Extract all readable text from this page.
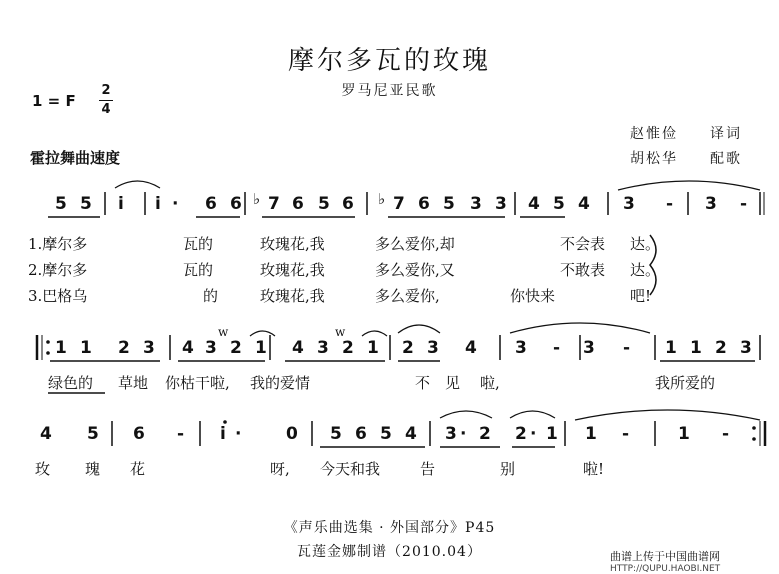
摩尔多瓦的玫瑰
罗马尼亚民歌
1 = F
2
4
霍拉舞曲速度
赵惟俭 译词
胡松华 配歌
5 5 i i · 6 6 7 6 5 6 7 6 5 3 3 4 5 4 3 - 3 -
1.摩尔多	瓦的	玫瑰花,我	多么爱你,却	不会表 达。
2.摩尔多	瓦的	玫瑰花,我	多么爱你,又	不敢表 达。
3.巴格乌	的	玫瑰花,我	多么爱你,	你快来	吧!
1 1 2 3 4 3 2 1 4 3 2 1 2 3 4 3 - 3 - 1 1 2 3
绿色的 草地 你枯干啦, 我的爱情	不 见 啦,	我所爱的
4 5 6 - i ·	0 5 6 5 4 3 · 2 2 · 1 1 -	1 -
玫 瑰 花	呀, 今天和我	告	别	啦!
♭	♭
w	w
《声乐曲选集 · 外国部分》P45
瓦莲金娜制谱（2010.04）	曲谱上传于中国曲谱网
HTTP://QUPU.HAOBI.NET
